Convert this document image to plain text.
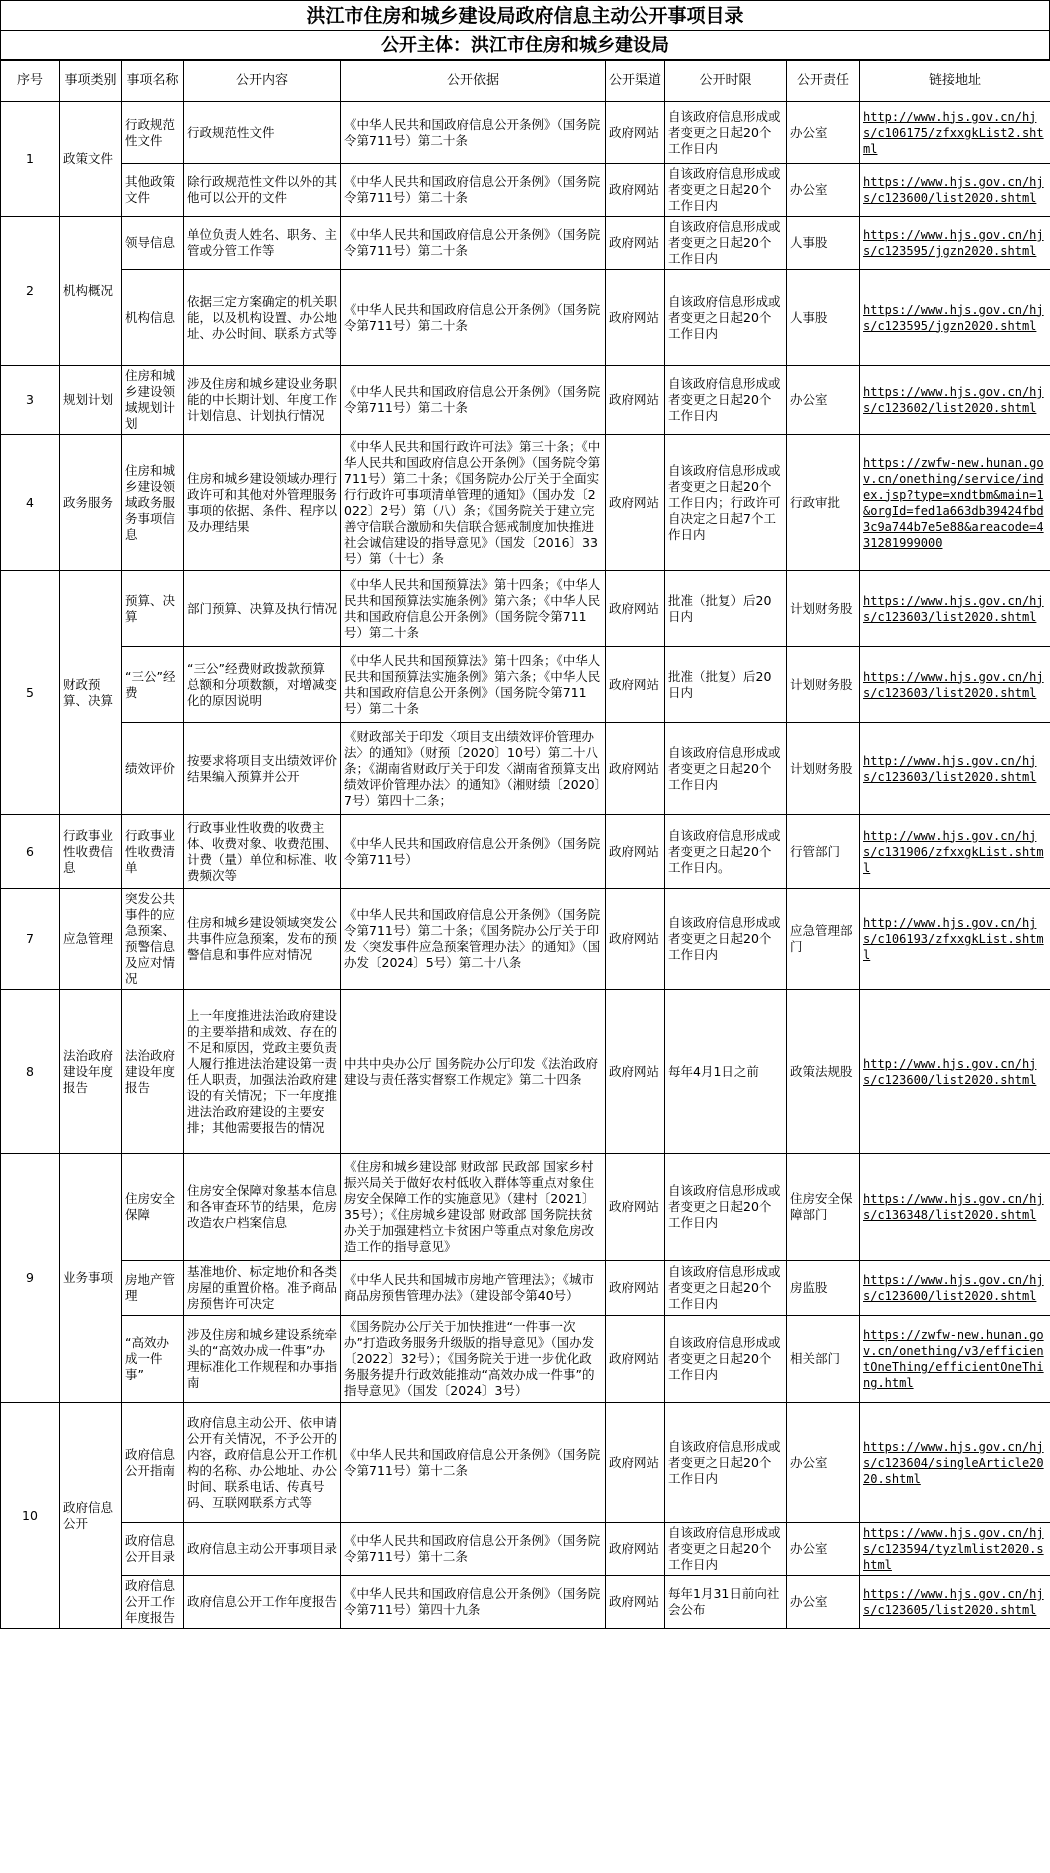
洪江市住房和城乡建设局政府信息主动公开事项目录
公开主体：洪江市住房和城乡建设局
序号	事项类别	事项名称	公开内容	公开依据	公开渠道	公开时限	公开责任	链接地址
1	政策文件	行政规范性文件	行政规范性文件	《中华人民共和国政府信息公开条例》（国务院令第711号）第二十条	政府网站	自该政府信息形成或者变更之日起20个工作日内	办公室	http://www.hjs.gov.cn/hjs/c106175/zfxxgkList2.shtml
		其他政策文件	除行政规范性文件以外的其他可以公开的文件	《中华人民共和国政府信息公开条例》（国务院令第711号）第二十条	政府网站	自该政府信息形成或者变更之日起20个工作日内	办公室	https://www.hjs.gov.cn/hjs/c123600/list2020.shtml
2	机构概况	领导信息	单位负责人姓名、职务、主管或分管工作等	《中华人民共和国政府信息公开条例》（国务院令第711号）第二十条	政府网站	自该政府信息形成或者变更之日起20个工作日内	人事股	https://www.hjs.gov.cn/hjs/c123595/jgzn2020.shtml
		机构信息	依据三定方案确定的机关职能，以及机构设置、办公地址、办公时间、联系方式等	《中华人民共和国政府信息公开条例》（国务院令第711号）第二十条	政府网站	自该政府信息形成或者变更之日起20个工作日内	人事股	https://www.hjs.gov.cn/hjs/c123595/jgzn2020.shtml
3	规划计划	住房和城乡建设领域规划计划	涉及住房和城乡建设业务职能的中长期计划、年度工作计划信息、计划执行情况	《中华人民共和国政府信息公开条例》（国务院令第711号）第二十条	政府网站	自该政府信息形成或者变更之日起20个工作日内	办公室	https://www.hjs.gov.cn/hjs/c123602/list2020.shtml
4	政务服务	住房和城乡建设领域政务服务事项信息	住房和城乡建设领域办理行政许可和其他对外管理服务事项的依据、条件、程序以及办理结果	《中华人民共和国行政许可法》第三十条；《中华人民共和国政府信息公开条例》（国务院令第711号）第二十条；《国务院办公厅关于全面实行行政许可事项清单管理的通知》（国办发〔2022〕2号）第（八）条；《国务院关于建立完善守信联合激励和失信联合惩戒制度加快推进社会诚信建设的指导意见》（国发〔2016〕33号）第（十七）条	政府网站	自该政府信息形成或者变更之日起20个工作日内；行政许可自决定之日起7个工作日内	行政审批	https://zwfw-new.hunan.gov.cn/onething/service/index.jsp?type=xndtbm&main=1&orgId=fed1a663db39424fbd3c9a744b7e5e88&areacode=431281999000
5	财政预算、决算	预算、决算	部门预算、决算及执行情况	《中华人民共和国预算法》第十四条；《中华人民共和国预算法实施条例》第六条；《中华人民共和国政府信息公开条例》（国务院令第711号）第二十条	政府网站	批准（批复）后20日内	计划财务股	https://www.hjs.gov.cn/hjs/c123603/list2020.shtml
		“三公”经费	“三公”经费财政拨款预算总额和分项数额，对增减变化的原因说明	《中华人民共和国预算法》第十四条；《中华人民共和国预算法实施条例》第六条；《中华人民共和国政府信息公开条例》（国务院令第711号）第二十条	政府网站	批准（批复）后20日内	计划财务股	https://www.hjs.gov.cn/hjs/c123603/list2020.shtml
		绩效评价	按要求将项目支出绩效评价结果编入预算并公开	《财政部关于印发〈项目支出绩效评价管理办法〉的通知》（财预〔2020〕10号）第二十八条；《湖南省财政厅关于印发〈湖南省预算支出绩效评价管理办法〉的通知》（湘财绩〔2020〕7号）第四十二条；	政府网站	自该政府信息形成或者变更之日起20个工作日内	计划财务股	http://www.hjs.gov.cn/hjs/c123603/list2020.shtml
6	行政事业性收费信息	行政事业性收费清单	行政事业性收费的收费主体、收费对象、收费范围、计费（量）单位和标准、收费频次等	《中华人民共和国政府信息公开条例》（国务院令第711号）	政府网站	自该政府信息形成或者变更之日起20个工作日内。	行管部门	http://www.hjs.gov.cn/hjs/c131906/zfxxgkList.shtml
7	应急管理	突发公共事件的应急预案、预警信息及应对情况	住房和城乡建设领域突发公共事件应急预案，发布的预警信息和事件应对情况	《中华人民共和国政府信息公开条例》（国务院令第711号）第二十条；《国务院办公厅关于印发〈突发事件应急预案管理办法〉的通知》（国办发〔2024〕5号）第二十八条	政府网站	自该政府信息形成或者变更之日起20个工作日内	应急管理部门	http://www.hjs.gov.cn/hjs/c106193/zfxxgkList.shtml
8	法治政府建设年度报告	法治政府建设年度报告	上一年度推进法治政府建设的主要举措和成效、存在的不足和原因，党政主要负责人履行推进法治建设第一责任人职责，加强法治政府建设的有关情况；下一年度推进法治政府建设的主要安排；其他需要报告的情况	中共中央办公厅 国务院办公厅印发《法治政府建设与责任落实督察工作规定》第二十四条	政府网站	每年4月1日之前	政策法规股	http://www.hjs.gov.cn/hjs/c123600/list2020.shtml
9	业务事项	住房安全保障	住房安全保障对象基本信息和各审查环节的结果，危房改造农户档案信息	《住房和城乡建设部 财政部 民政部 国家乡村振兴局关于做好农村低收入群体等重点对象住房安全保障工作的实施意见》（建村〔2021〕35号）；《住房城乡建设部 财政部 国务院扶贫办关于加强建档立卡贫困户等重点对象危房改造工作的指导意见》	政府网站	自该政府信息形成或者变更之日起20个工作日内	住房安全保障部门	https://www.hjs.gov.cn/hjs/c136348/list2020.shtml
		房地产管理	基准地价、标定地价和各类房屋的重置价格。准予商品房预售许可决定	《中华人民共和国城市房地产管理法》；《城市商品房预售管理办法》（建设部令第40号）	政府网站	自该政府信息形成或者变更之日起20个工作日内	房监股	https://www.hjs.gov.cn/hjs/c123600/list2020.shtml
		“高效办成一件事”	涉及住房和城乡建设系统牵头的“高效办成一件事”办理标准化工作规程和办事指南	《国务院办公厅关于加快推进“一件事一次办”打造政务服务升级版的指导意见》（国办发〔2022〕32号）；《国务院关于进一步优化政务服务提升行政效能推动“高效办成一件事”的指导意见》（国发〔2024〕3号）	政府网站	自该政府信息形成或者变更之日起20个工作日内	相关部门	https://zwfw-new.hunan.gov.cn/onething/v3/efficientOneThing/efficientOneThing.html
10	政府信息公开	政府信息公开指南	政府信息主动公开、依申请公开有关情况，不予公开的内容，政府信息公开工作机构的名称、办公地址、办公时间、联系电话、传真号码、互联网联系方式等	《中华人民共和国政府信息公开条例》（国务院令第711号）第十二条	政府网站	自该政府信息形成或者变更之日起20个工作日内	办公室	https://www.hjs.gov.cn/hjs/c123604/singleArticle2020.shtml
		政府信息公开目录	政府信息主动公开事项目录	《中华人民共和国政府信息公开条例》（国务院令第711号）第十二条	政府网站	自该政府信息形成或者变更之日起20个工作日内	办公室	https://www.hjs.gov.cn/hjs/c123594/tyzlmlist2020.shtml
		政府信息公开工作年度报告	政府信息公开工作年度报告	《中华人民共和国政府信息公开条例》（国务院令第711号）第四十九条	政府网站	每年1月31日前向社会公布	办公室	https://www.hjs.gov.cn/hjs/c123605/list2020.shtml
